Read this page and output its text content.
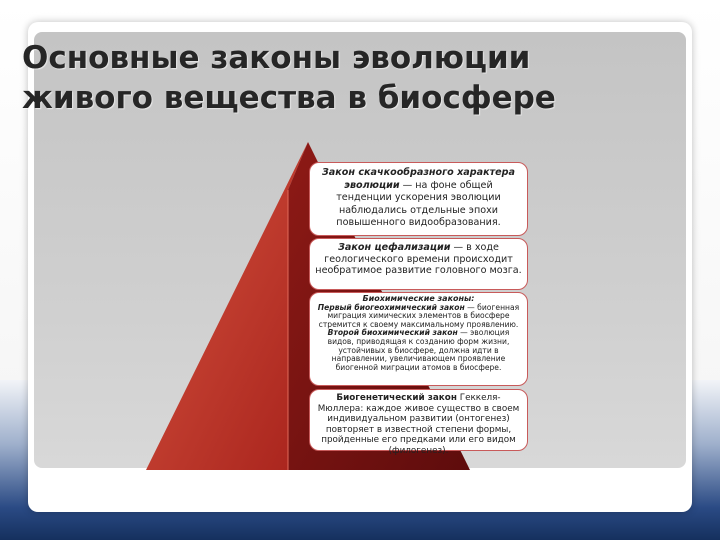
Основные законы эволюции живого вещества в биосфере
Закон скачкообразного характера эволюции — на фоне общей тенденции ускорения эволюции наблюдались отдельные эпохи повышенного видообразования.
Закон цефализации — в ходе геологического времени происходит необратимое развитие головного мозга.
Биохимические законы:
Первый биогеохимический закон — биогенная миграция химических элементов в биосфере стремится к своему максимальному проявлению.
Второй биохимический закон — эволюция видов, приводящая к созданию форм жизни, устойчивых в биосфере, должна идти в направлении, увеличивающем проявление биогенной миграции атомов в биосфере.
Биогенетический закон Геккеля-Мюллера: каждое живое существо в своем индивидуальном развитии (онтогенез) повторяет в известной степени формы, пройденные его предками или его видом (филогенез).
